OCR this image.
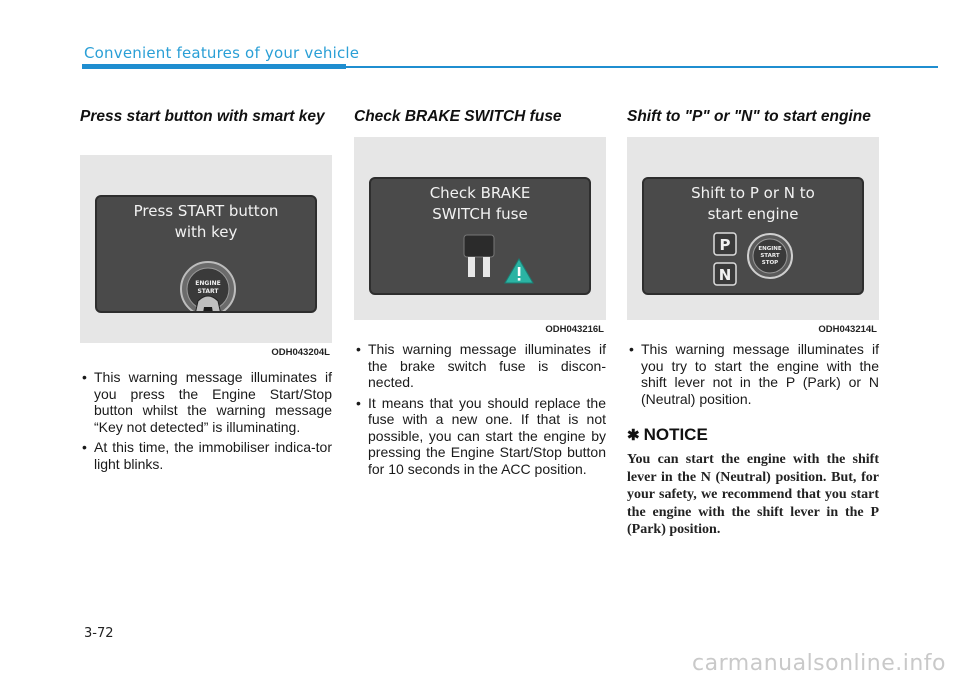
Convenient features of your vehicle
Press start button with smart key
Press START button
with key
ENGINE
START
ODH043204L
• This warning message illuminates if you press the Engine Start/Stop button whilst the warning message “Key not detected” is illuminating.
• At this time, the immobiliser indica-tor light blinks.
Check BRAKE SWITCH fuse
Check BRAKE
SWITCH fuse
ODH043216L
• This warning message illuminates if the brake switch fuse is discon-nected.
• It means that you should replace the fuse with a new one. If that is not possible, you can start the engine by pressing the Engine Start/Stop button for 10 seconds in the ACC position.
Shift to "P" or "N" to start engine
Shift to P or N to
start engine
P
N
ENGINE
START
STOP
ODH043214L
• This warning message illuminates if you try to start the engine with the shift lever not in the P (Park) or N (Neutral) position.
✱ NOTICE
You can start the engine with the shift lever in the N (Neutral) position. But, for your safety, we recommend that you start the engine with the shift lever in the P (Park) position.
3-72
carmanualsonline.info
